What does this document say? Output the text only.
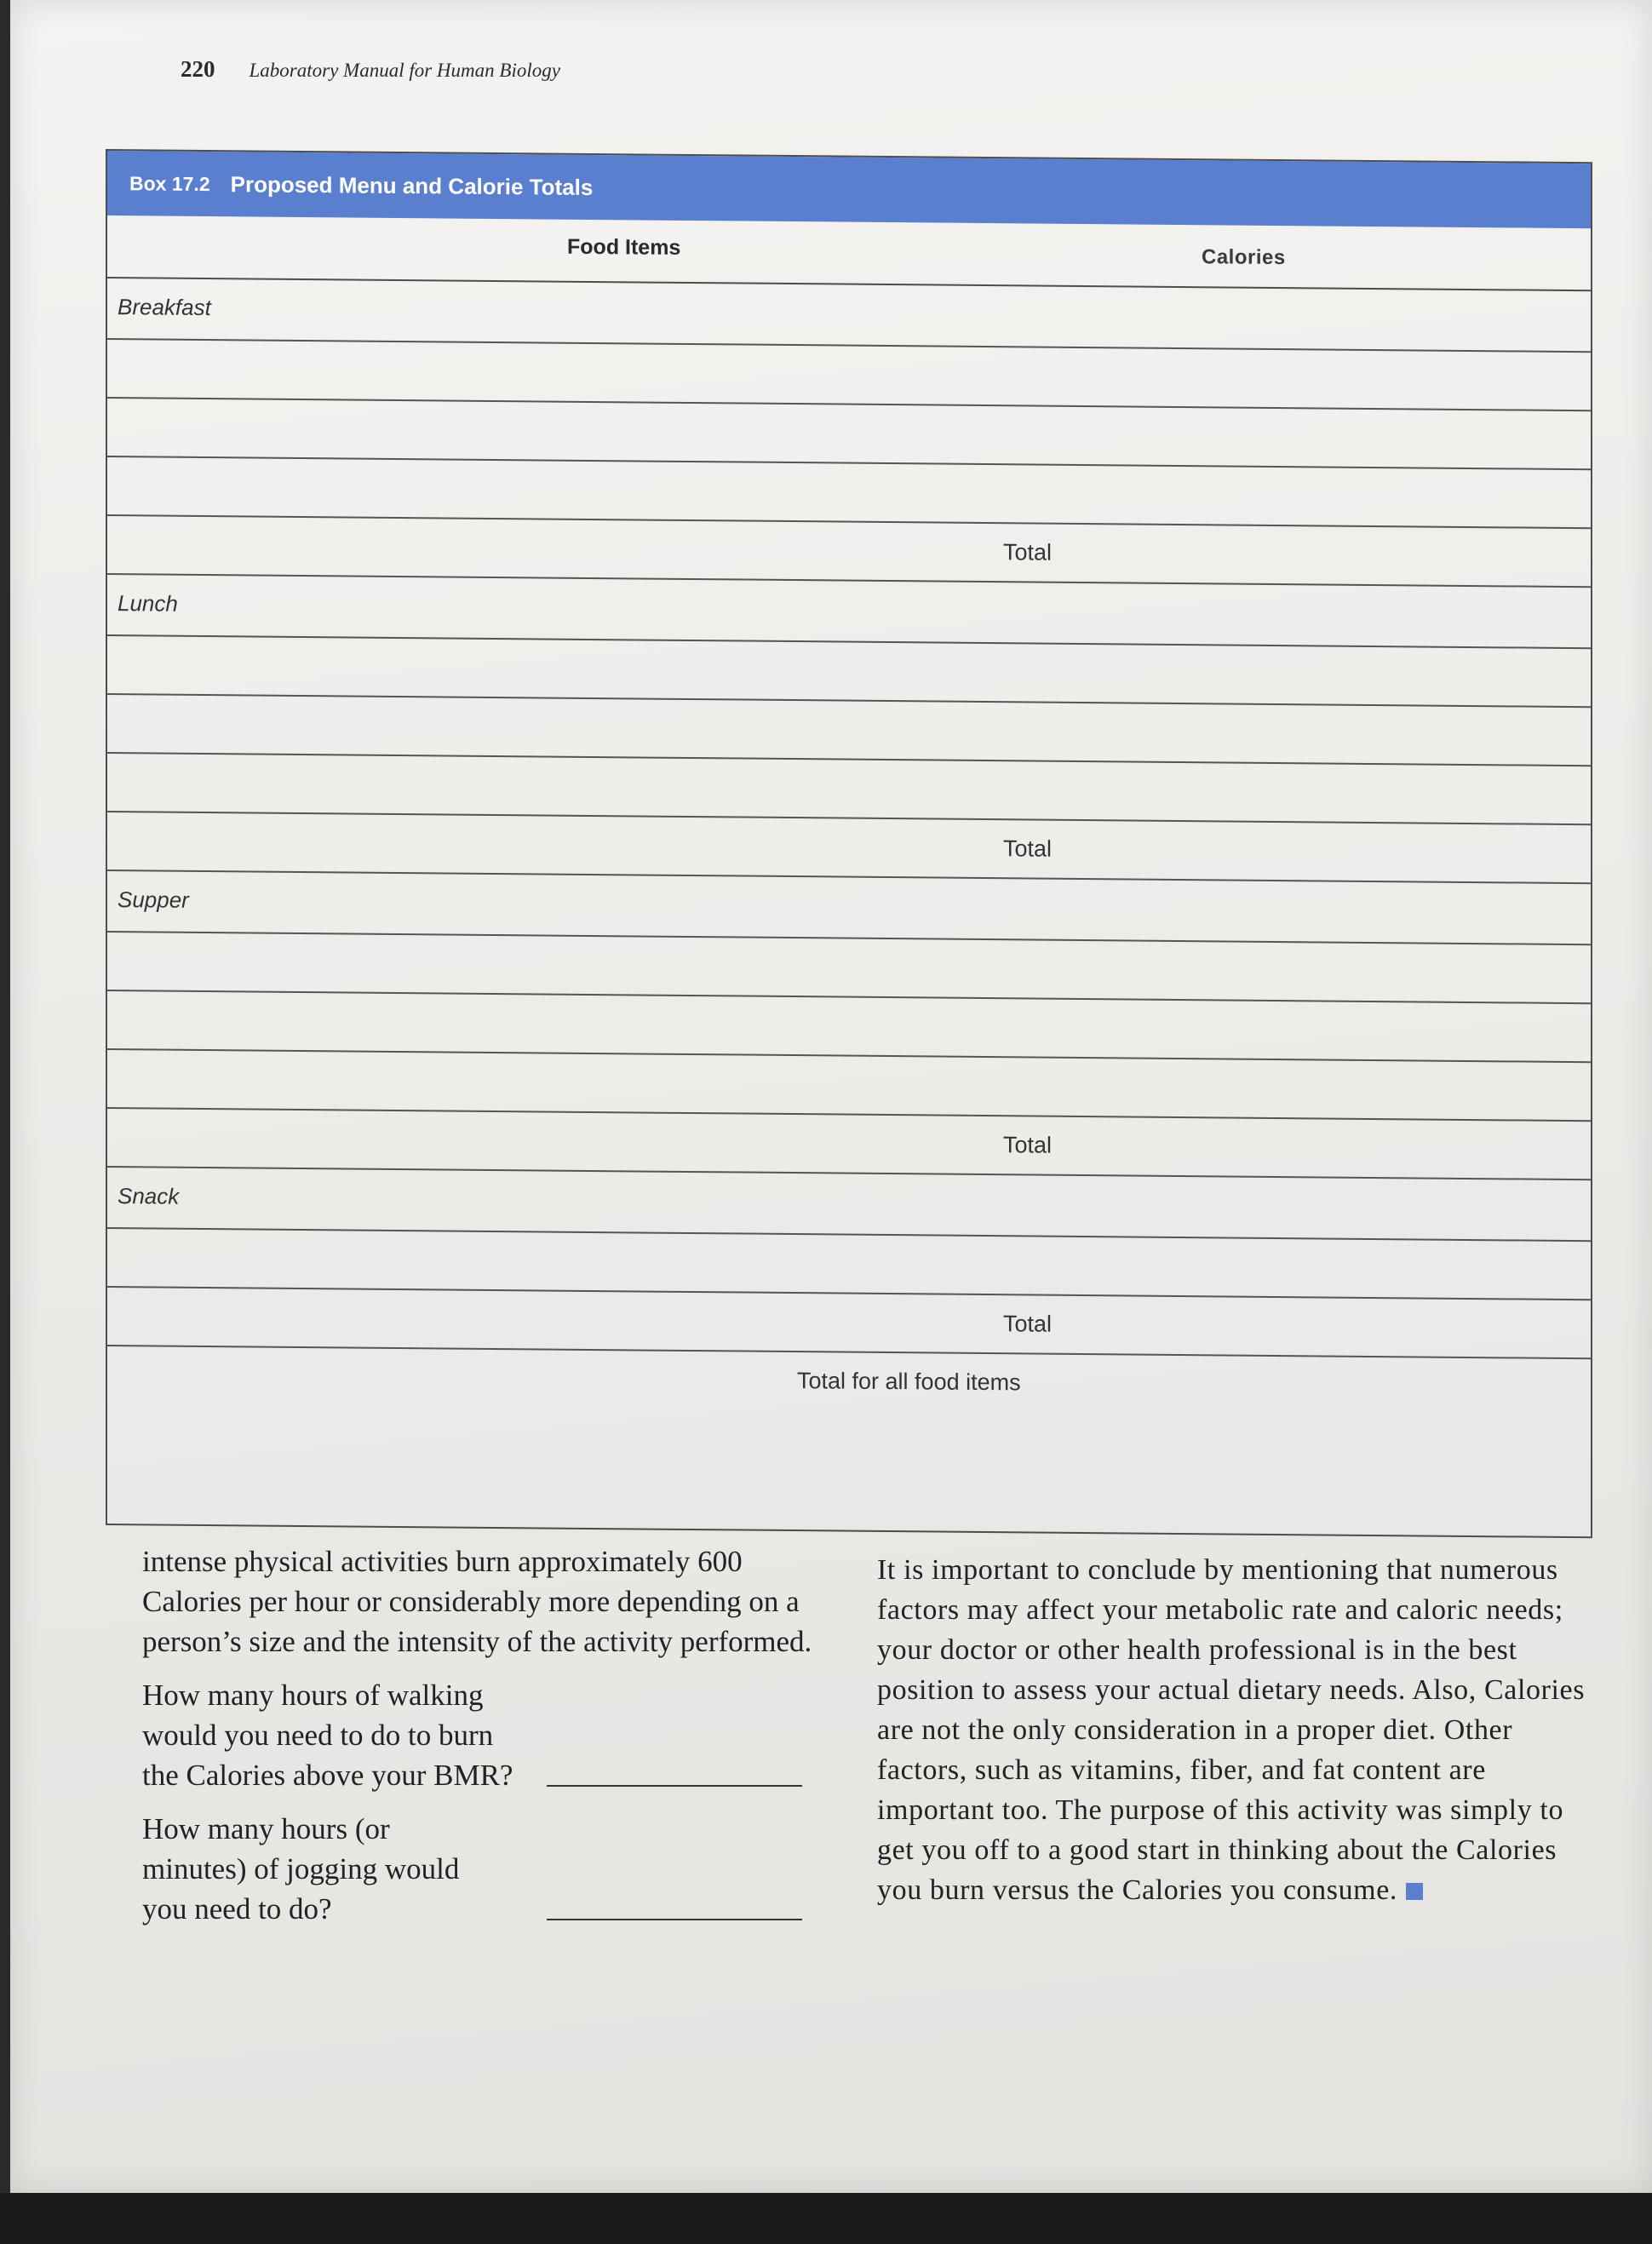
220 Laboratory Manual for Human Biology
Box 17.2 Proposed Menu and Calorie Totals
Food Items	Calories
Breakfast
Total
Lunch
Total
Supper
Total
Snack
Total
Total for all food items

intense physical activities burn approximately 600 Calories per hour or considerably more depending on a person’s size and the intensity of the activity performed.

How many hours of walking would you need to do to burn the Calories above your BMR?
How many hours (or minutes) of jogging would you need to do?
It is important to conclude by mentioning that numerous factors may affect your metabolic rate and caloric needs; your doctor or other health professional is in the best position to assess your actual dietary needs. Also, Calories are not the only consideration in a proper diet. Other factors, such as vitamins, fiber, and fat content are important too. The purpose of this activity was simply to get you off to a good start in thinking about the Calories you burn versus the Calories you consume.
